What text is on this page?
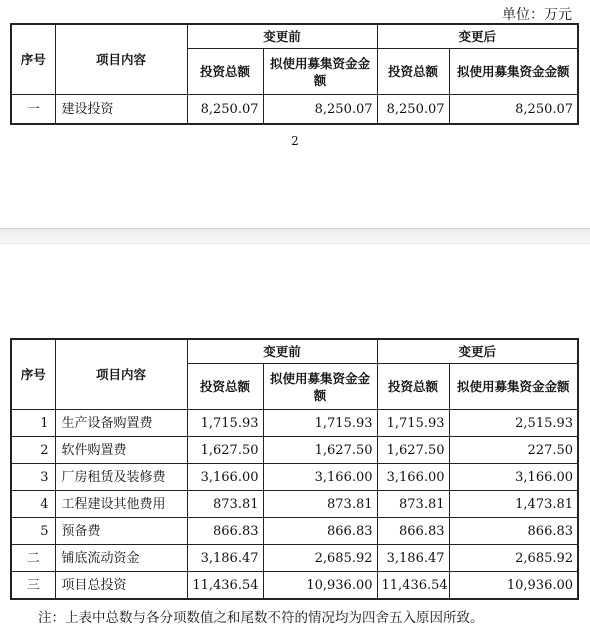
单位：万元
序号	项目内容	变更前		变更后	
		投资总额	拟使用募集资金金额	投资总额	拟使用募集资金金额
一	建设投资	8,250.07	8,250.07	8,250.07	8,250.07
2
序号	项目内容	变更前		变更后	
		投资总额	拟使用募集资金金额	投资总额	拟使用募集资金金额
1	生产设备购置费	1,715.93	1,715.93	1,715.93	2,515.93
2	软件购置费	1,627.50	1,627.50	1,627.50	227.50
3	厂房租赁及装修费	3,166.00	3,166.00	3,166.00	3,166.00
4	工程建设其他费用	873.81	873.81	873.81	1,473.81
5	预备费	866.83	866.83	866.83	866.83
二	铺底流动资金	3,186.47	2,685.92	3,186.47	2,685.92
三	项目总投资	11,436.54	10,936.00	11,436.54	10,936.00
注：上表中总数与各分项数值之和尾数不符的情况均为四舍五入原因所致。
